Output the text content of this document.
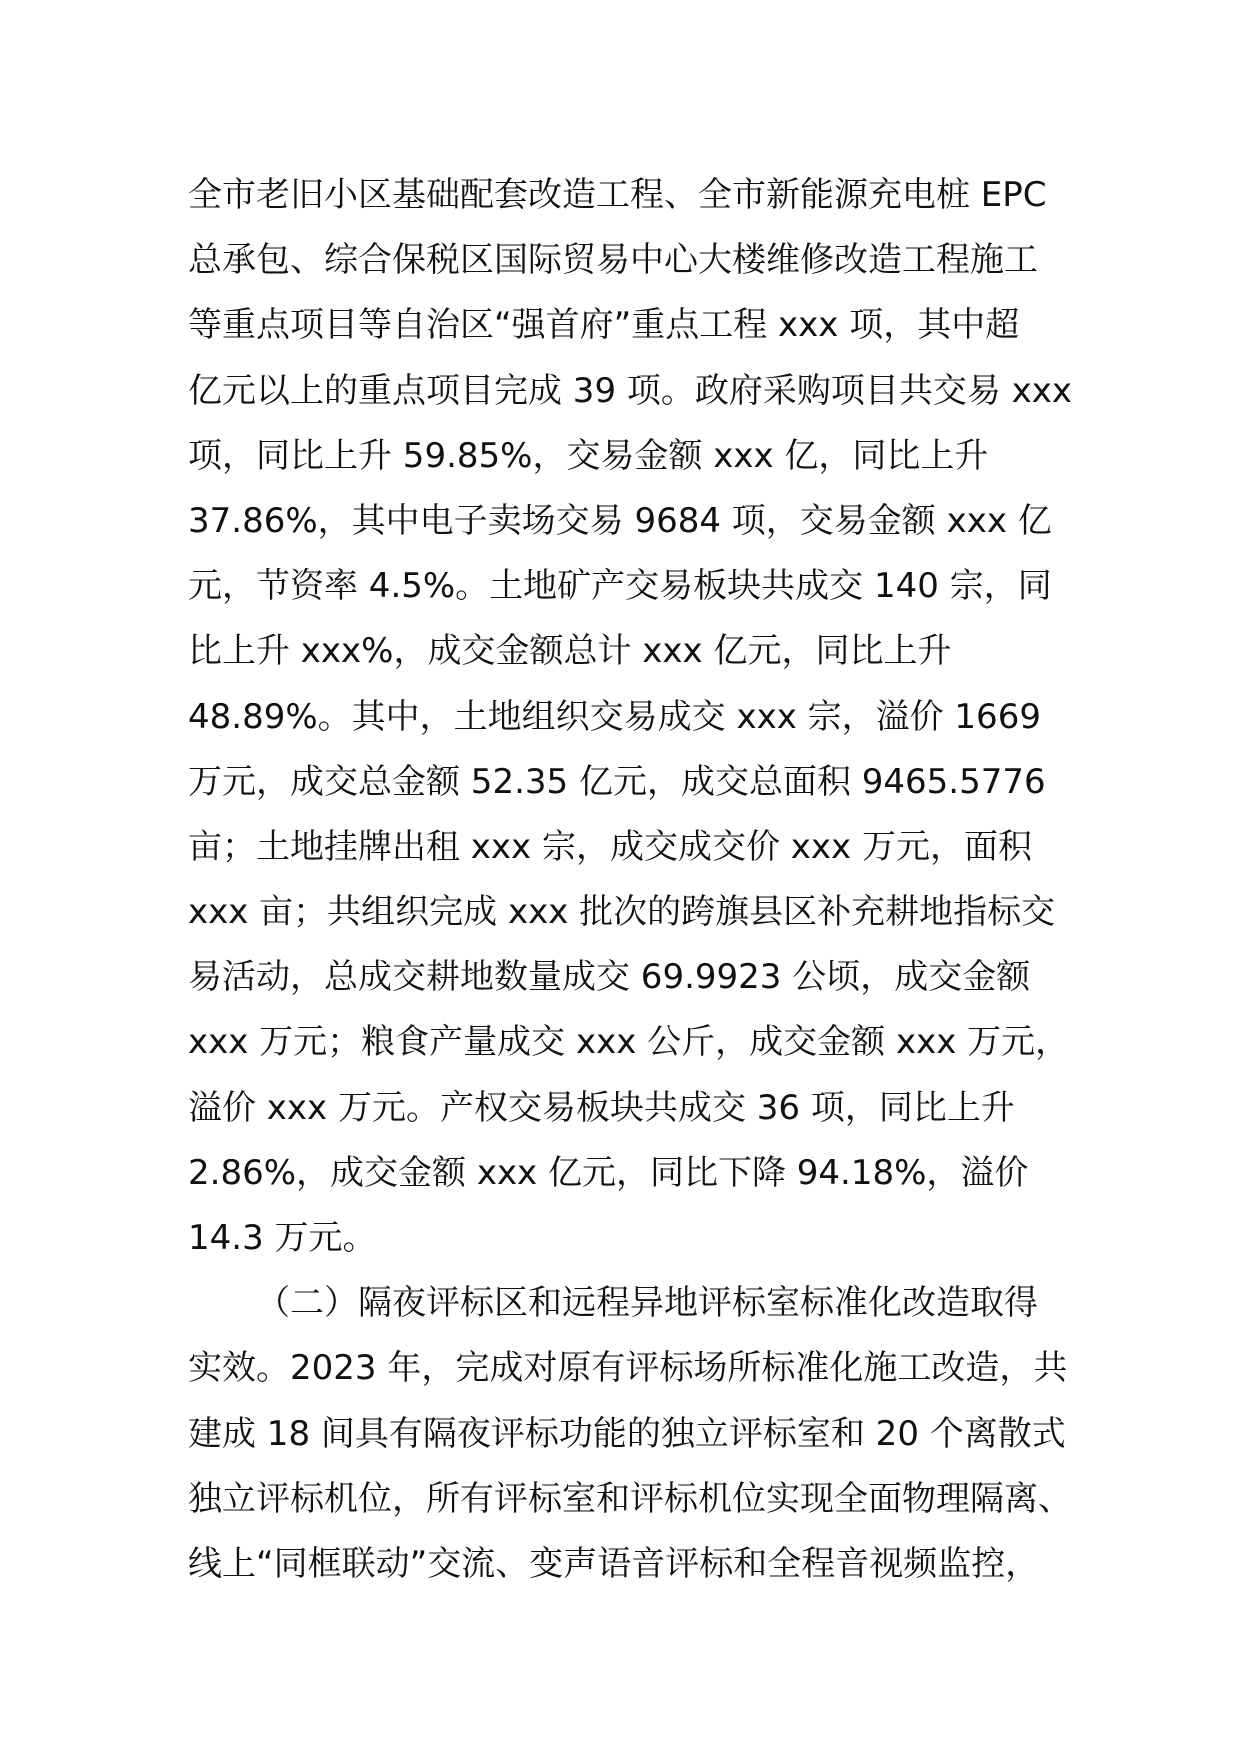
全市老旧小区基础配套改造工程、全市新能源充电桩 EPC
总承包、综合保税区国际贸易中心大楼维修改造工程施工
等重点项目等自治区“强首府”重点工程 xxx 项，其中超
亿元以上的重点项目完成 39 项。政府采购项目共交易 xxx
项，同比上升 59.85%，交易金额 xxx 亿，同比上升
37.86%，其中电子卖场交易 9684 项，交易金额 xxx 亿
元，节资率 4.5%。土地矿产交易板块共成交 140 宗，同
比上升 xxx%，成交金额总计 xxx 亿元，同比上升
48.89%。其中，土地组织交易成交 xxx 宗，溢价 1669
万元，成交总金额 52.35 亿元，成交总面积 9465.5776
亩；土地挂牌出租 xxx 宗，成交成交价 xxx 万元，面积
xxx 亩；共组织完成 xxx 批次的跨旗县区补充耕地指标交
易活动，总成交耕地数量成交 69.9923 公顷，成交金额
xxx 万元；粮食产量成交 xxx 公斤，成交金额 xxx 万元，
溢价 xxx 万元。产权交易板块共成交 36 项，同比上升
2.86%，成交金额 xxx 亿元，同比下降 94.18%，溢价
14.3 万元。
（二）隔夜评标区和远程异地评标室标准化改造取得
实效。2023 年，完成对原有评标场所标准化施工改造，共
建成 18 间具有隔夜评标功能的独立评标室和 20 个离散式
独立评标机位，所有评标室和评标机位实现全面物理隔离、
线上“同框联动”交流、变声语音评标和全程音视频监控，
